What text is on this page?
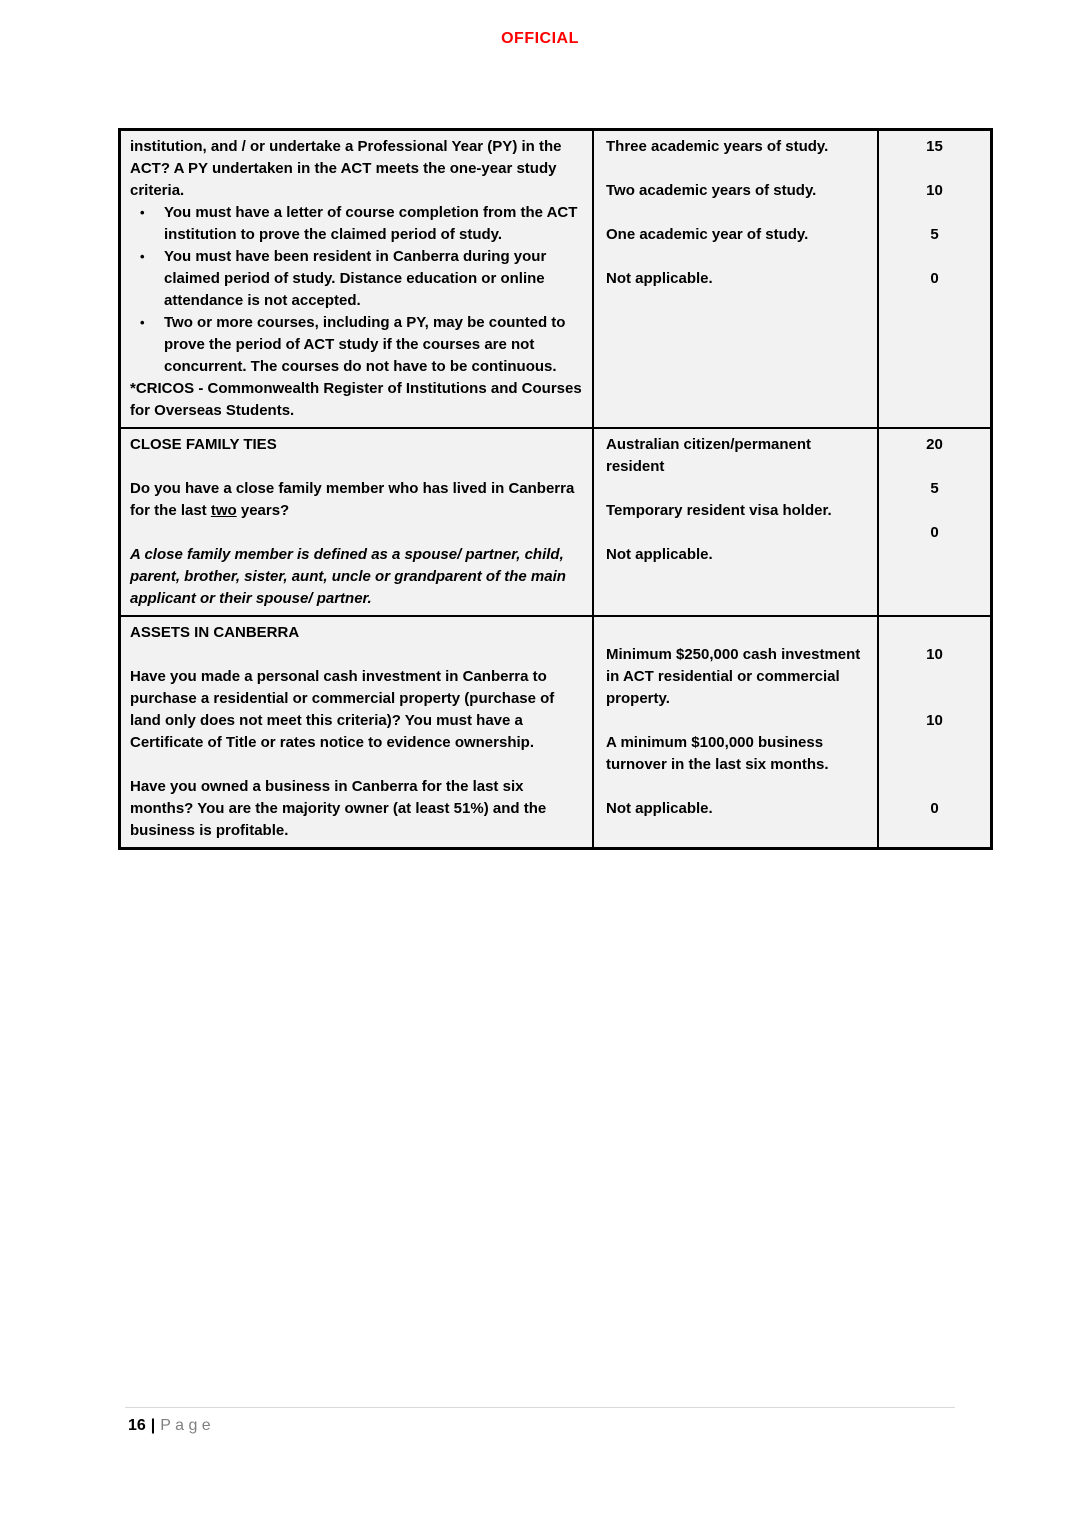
OFFICIAL

institution, and / or undertake a Professional Year (PY) in the ACT? A PY undertaken in the ACT meets the one-year study criteria.

• You must have a letter of course completion from the ACT institution to prove the claimed period of study.
• You must have been resident in Canberra during your claimed period of study. Distance education or online attendance is not accepted.
• Two or more courses, including a PY, may be counted to prove the period of ACT study if the courses are not concurrent. The courses do not have to be continuous.

*CRICOS - Commonwealth Register of Institutions and Courses for Overseas Students.

Three academic years of study.

Two academic years of study.

One academic year of study.

Not applicable.

15
10
5
0

CLOSE FAMILY TIES

Do you have a close family member who has lived in Canberra for the last two years?

A close family member is defined as a spouse/ partner, child, parent, brother, sister, aunt, uncle or grandparent of the main applicant or their spouse/ partner.

Australian citizen/permanent resident

Temporary resident visa holder.

Not applicable.

20
5
0

ASSETS IN CANBERRA

Have you made a personal cash investment in Canberra to purchase a residential or commercial property (purchase of land only does not meet this criteria)? You must have a Certificate of Title or rates notice to evidence ownership.

Have you owned a business in Canberra for the last six months? You are the majority owner (at least 51%) and the business is profitable.

Minimum $250,000 cash investment in ACT residential or commercial property.

A minimum $100,000 business turnover in the last six months.

Not applicable.

10
10
0
16 | P a g e
